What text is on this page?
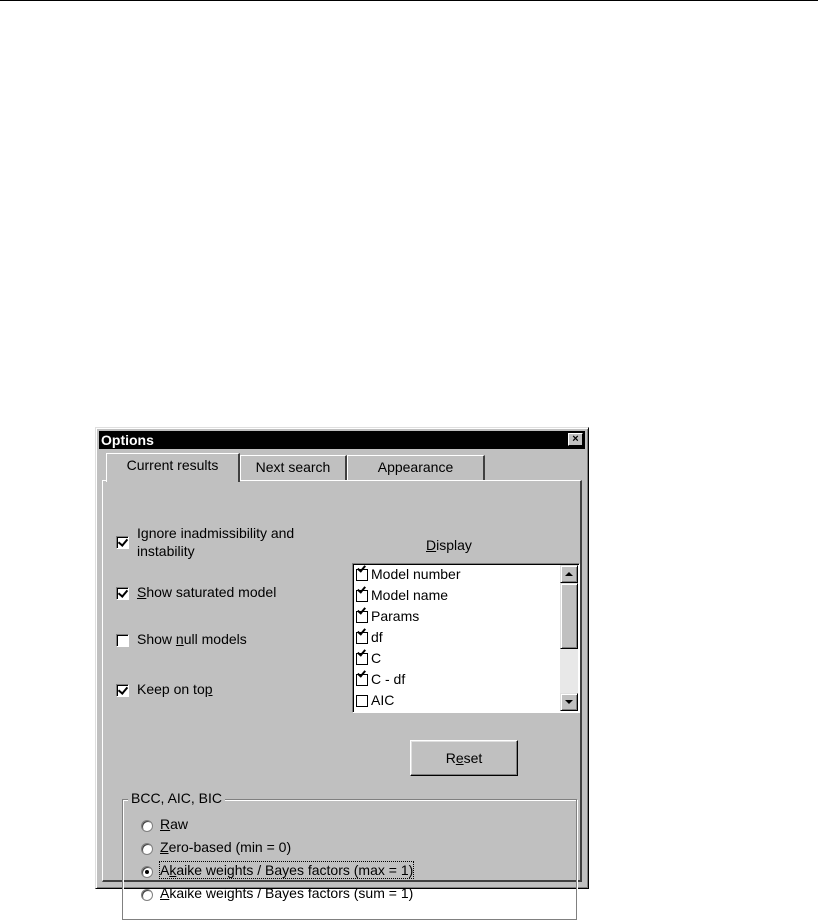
Options	×
Current results	Next search	Appearance
Ignore inadmissibility and
instability
Show saturated model
Show null models
Keep on top
Display
Model number
Model name
Params
df
C
C - df
AIC
Reset
BCC, AIC, BIC
Raw
Zero-based (min = 0)
Akaike weights / Bayes factors (max = 1)
Akaike weights / Bayes factors (sum = 1)
